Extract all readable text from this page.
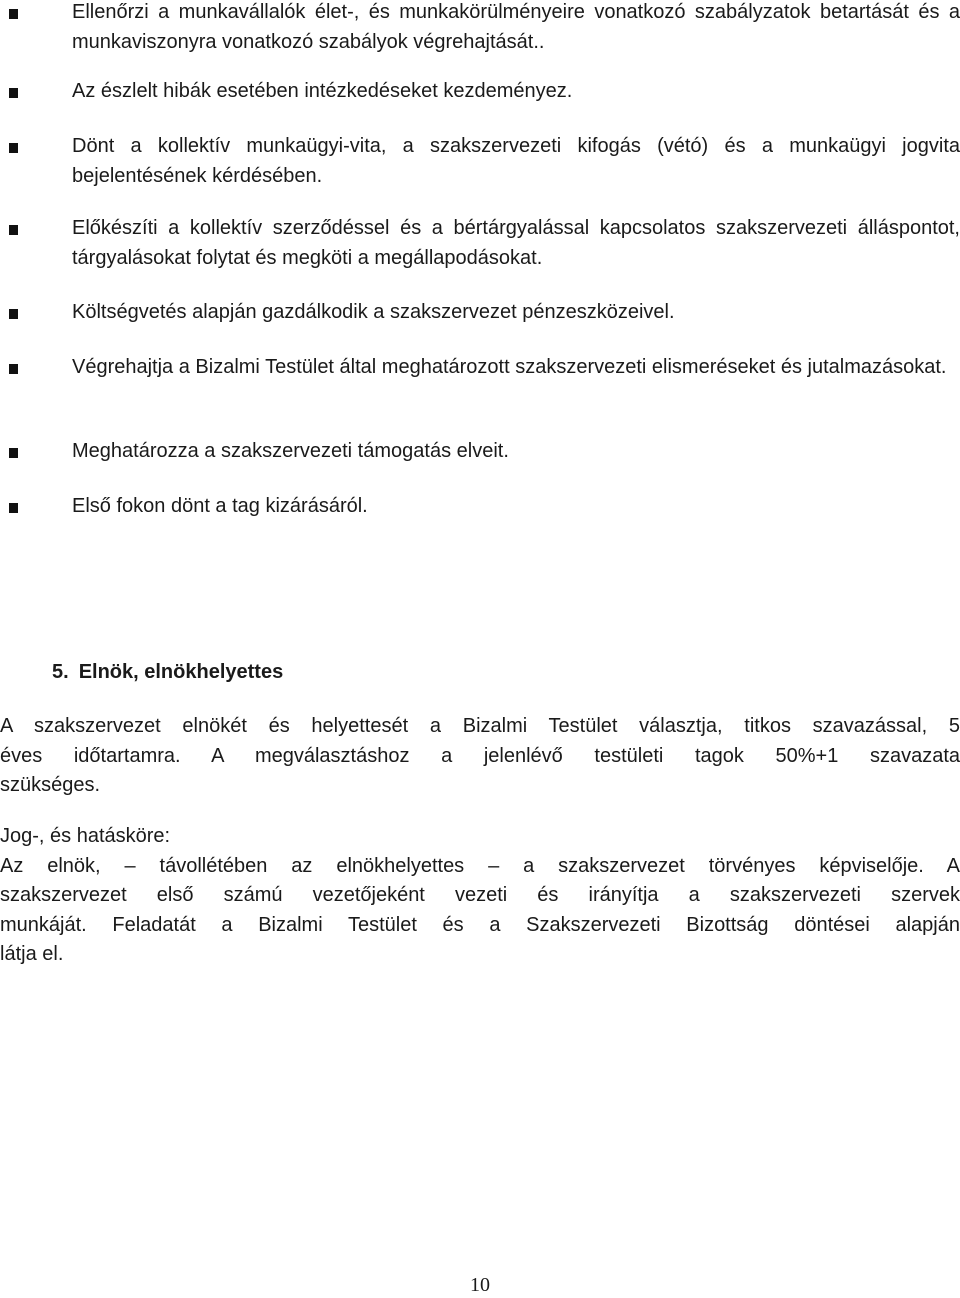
Ellenőrzi a munkavállalók élet-, és munkakörülményeire vonatkozó szabályzatok betartását és a munkaviszonyra vonatkozó szabályok végrehajtását..

Az észlelt hibák esetében intézkedéseket kezdeményez.

Dönt a kollektív munkaügyi-vita, a szakszervezeti kifogás (vétó) és a munkaügyi jogvita bejelentésének kérdésében.

Előkészíti a kollektív szerződéssel és a bértárgyalással kapcsolatos szakszervezeti álláspontot, tárgyalásokat folytat és megköti a megállapodásokat.

Költségvetés alapján gazdálkodik a szakszervezet pénzeszközeivel.

Végrehajtja a Bizalmi Testület által meghatározott szakszervezeti elismeréseket és jutalmazásokat.

Meghatározza a szakszervezeti támogatás elveit.

Első fokon dönt a tag kizárásáról.

5. Elnök, elnökhelyettes

A szakszervezet elnökét és helyettesét a Bizalmi Testület választja, titkos szavazással, 5
éves időtartamra. A megválasztáshoz a jelenlévő testületi tagok 50%+1 szavazata
szükséges.

Jog-, és hatásköre:
Az elnök, – távollétében az elnökhelyettes – a szakszervezet törvényes képviselője. A
szakszervezet első számú vezetőjeként vezeti és irányítja a szakszervezeti szervek
munkáját. Feladatát a Bizalmi Testület és a Szakszervezeti Bizottság döntései alapján
látja el.

10
